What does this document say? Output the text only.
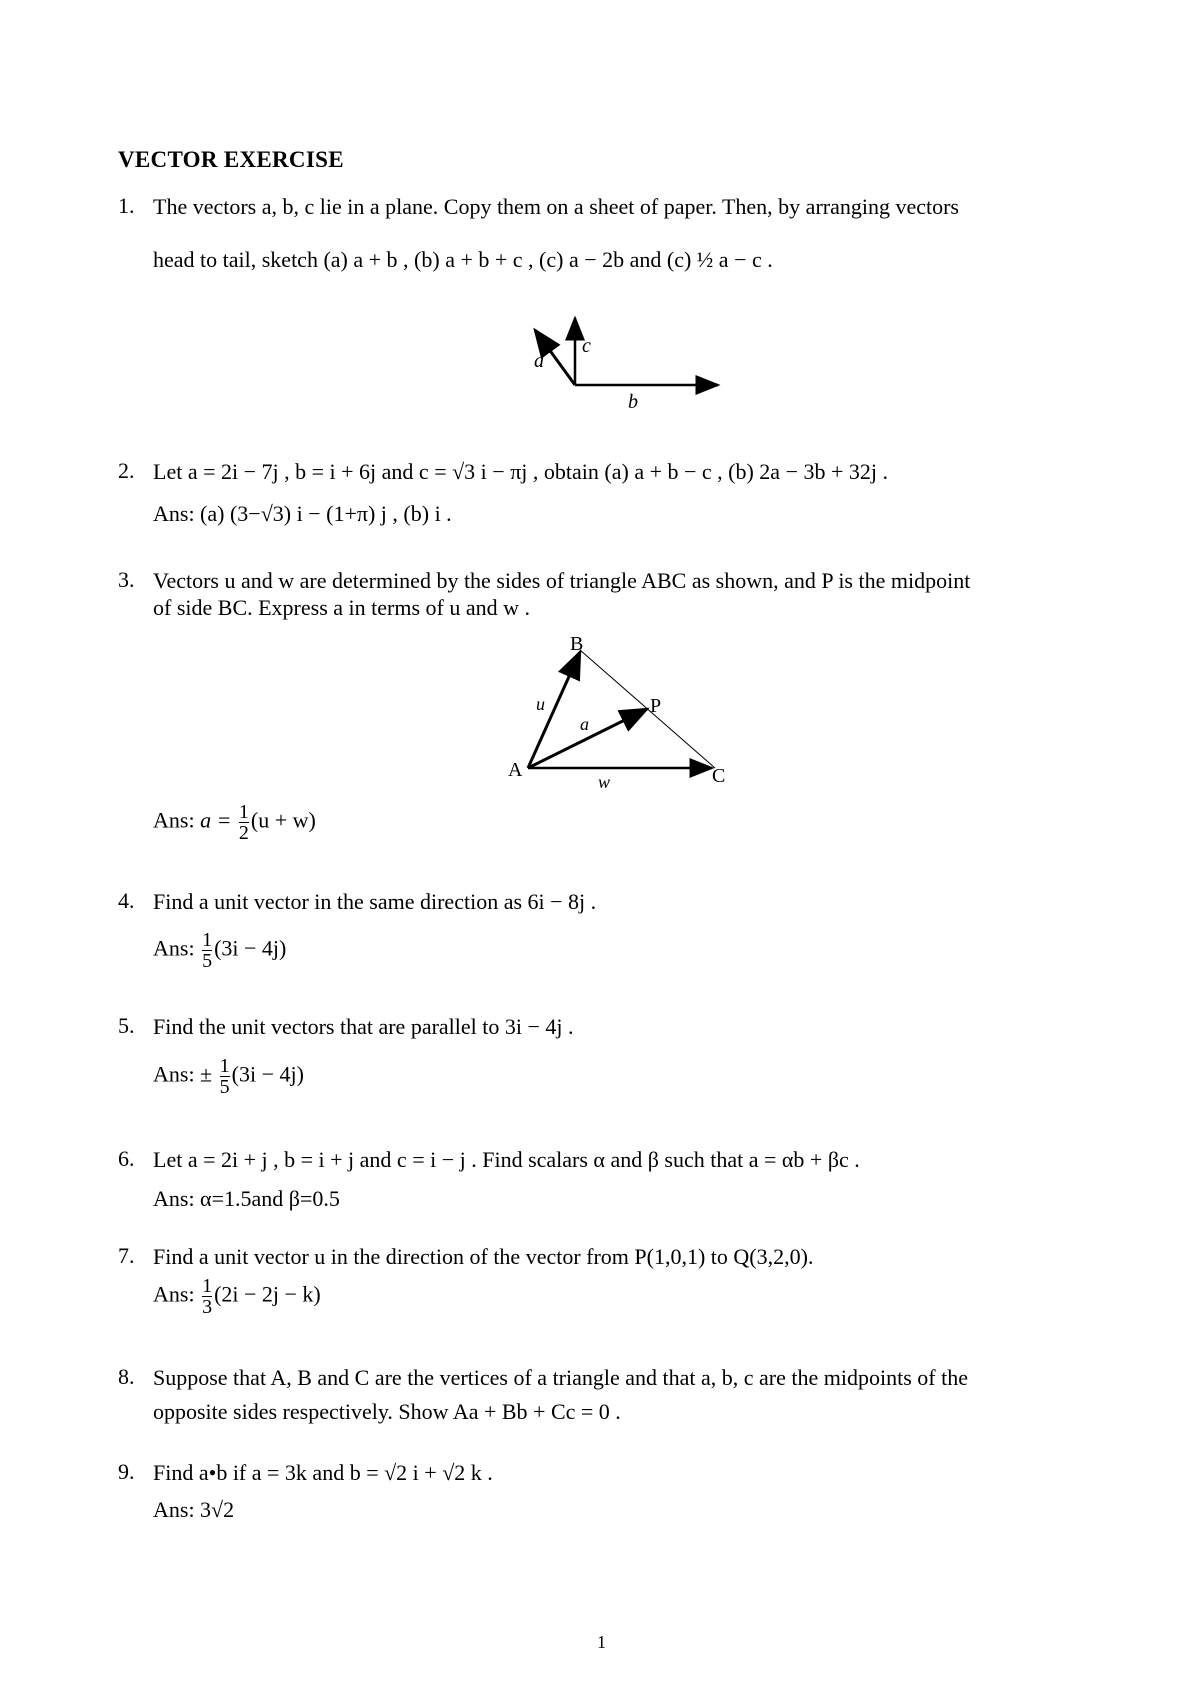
VECTOR EXERCISE
1. The vectors a, b, c lie in a plane. Copy them on a sheet of paper. Then, by arranging vectors
head to tail, sketch (a) a + b , (b) a + b + c , (c) a − 2b and (c) ½ a − c .
a
c
b
2. Let a = 2i − 7j , b = i + 6j and c = √3 i − πj , obtain (a) a + b − c , (b) 2a − 3b + 32j .
Ans: (a) (3−√3) i − (1+π) j , (b) i .
3. Vectors u and w are determined by the sides of triangle ABC as shown, and P is the midpoint
of side BC. Express a in terms of u and w .
B
P
A	C
u
a
w
Ans: $a = \frac{1}{2} (u + w)$
4. Find a unit vector in the same direction as 6i − 8j .
Ans: $\frac{1}{5} (3i - 4j)$
5. Find the unit vectors that are parallel to 3i − 4j .
Ans: ± $\frac{1}{5} (3i - 4j)$
6. Let a = 2i + j , b = i + j and c = i − j . Find scalars α and β such that a = αb + βc .
Ans: α=1.5and β=0.5
7. Find a unit vector u in the direction of the vector from P(1,0,1) to Q(3,2,0).
Ans: $\frac{1}{3} (2i - 2j - k)$
8. Suppose that A, B and C are the vertices of a triangle and that a, b, c are the midpoints of the
opposite sides respectively. Show Aa + Bb + Cc = 0 .
9. Find a•b if a = 3k and b = √2 i + √2 k .
Ans: 3√2
1
